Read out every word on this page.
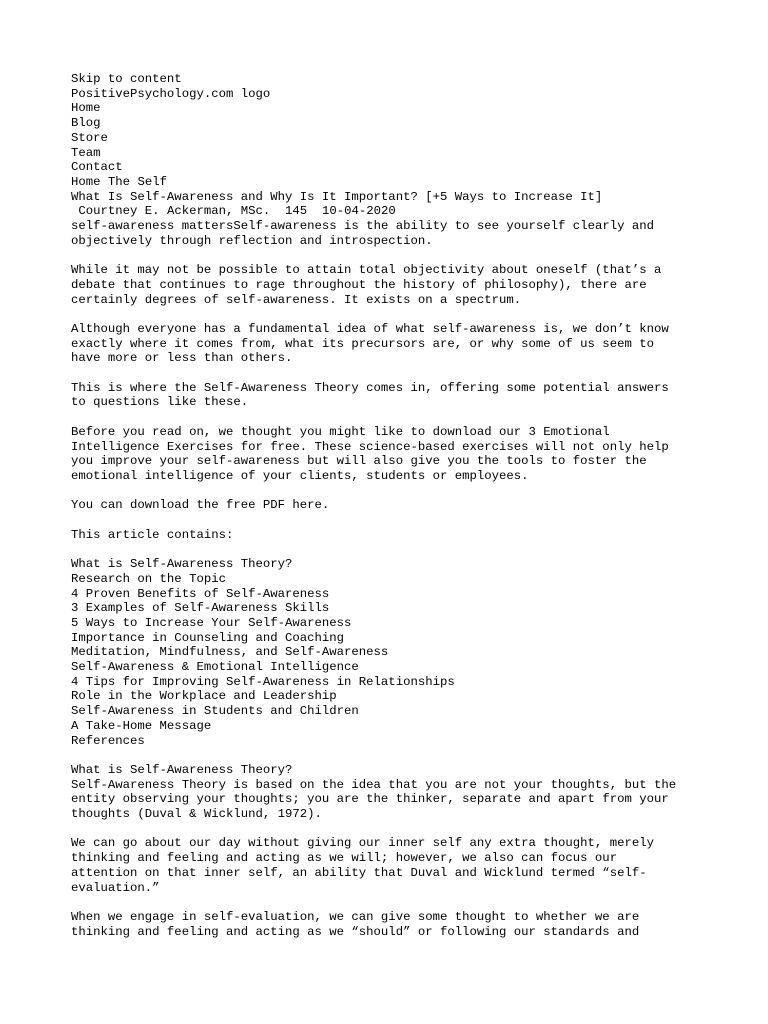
Skip to content
PositivePsychology.com logo
Home
Blog
Store
Team
Contact
Home The Self
What Is Self-Awareness and Why Is It Important? [+5 Ways to Increase It]
Courtney E. Ackerman, MSc. 145 10-04-2020
self-awareness mattersSelf-awareness is the ability to see yourself clearly and
objectively through reflection and introspection.
While it may not be possible to attain total objectivity about oneself (that’s a
debate that continues to rage throughout the history of philosophy), there are
certainly degrees of self-awareness. It exists on a spectrum.
Although everyone has a fundamental idea of what self-awareness is, we don’t know
exactly where it comes from, what its precursors are, or why some of us seem to
have more or less than others.
This is where the Self-Awareness Theory comes in, offering some potential answers
to questions like these.
Before you read on, we thought you might like to download our 3 Emotional
Intelligence Exercises for free. These science-based exercises will not only help
you improve your self-awareness but will also give you the tools to foster the
emotional intelligence of your clients, students or employees.
You can download the free PDF here.
This article contains:
What is Self-Awareness Theory?
Research on the Topic
4 Proven Benefits of Self-Awareness
3 Examples of Self-Awareness Skills
5 Ways to Increase Your Self-Awareness
Importance in Counseling and Coaching
Meditation, Mindfulness, and Self-Awareness
Self-Awareness & Emotional Intelligence
4 Tips for Improving Self-Awareness in Relationships
Role in the Workplace and Leadership
Self-Awareness in Students and Children
A Take-Home Message
References
What is Self-Awareness Theory?
Self-Awareness Theory is based on the idea that you are not your thoughts, but the
entity observing your thoughts; you are the thinker, separate and apart from your
thoughts (Duval & Wicklund, 1972).
We can go about our day without giving our inner self any extra thought, merely
thinking and feeling and acting as we will; however, we also can focus our
attention on that inner self, an ability that Duval and Wicklund termed “self-
evaluation.”
When we engage in self-evaluation, we can give some thought to whether we are
thinking and feeling and acting as we “should” or following our standards and
